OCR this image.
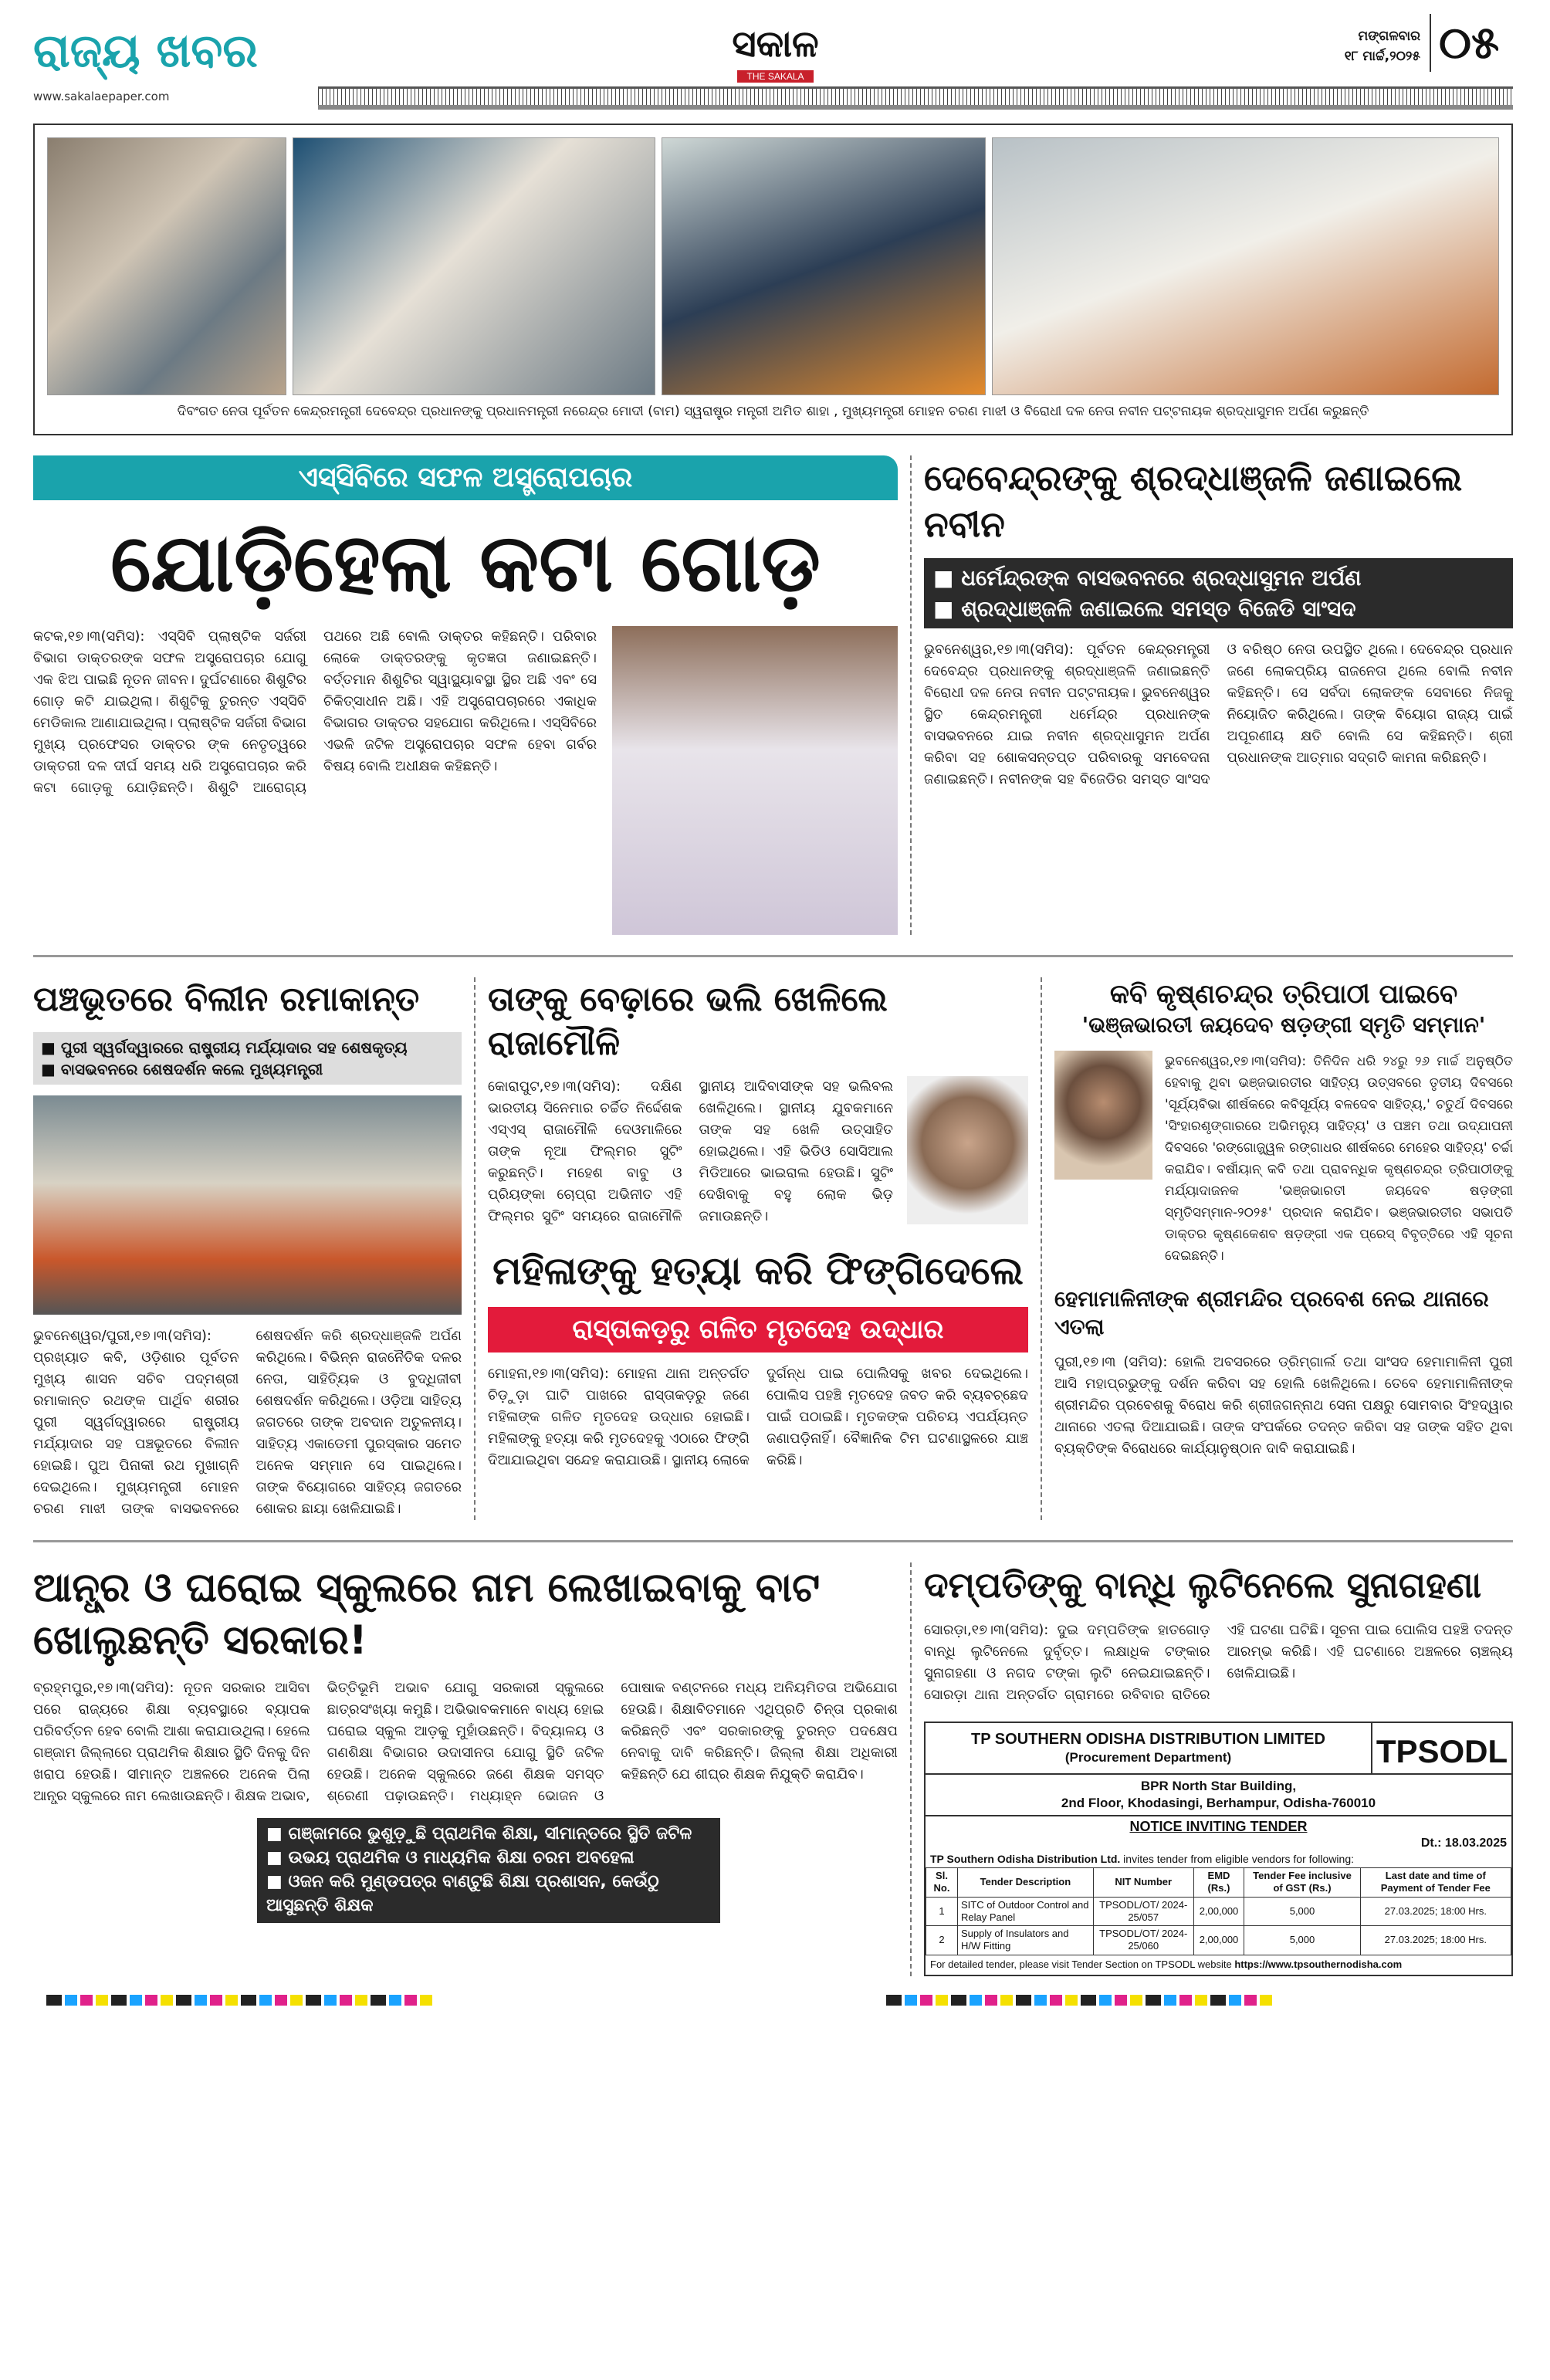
ରାଜ୍ୟ ଖବର
www.sakalaepaper.com
ସକାଳ
THE SAKALA
ମଙ୍ଗଳବାର
୧୮ ମାର୍ଚ୍ଚ,୨୦୨୫ ୦୫
ଦିବଂଗତ ନେତା ପୂର୍ବତନ କେନ୍ଦ୍ରମନ୍ତ୍ରୀ ଦେବେନ୍ଦ୍ର ପ୍ରଧାନଙ୍କୁ ପ୍ରଧାନମନ୍ତ୍ରୀ ନରେନ୍ଦ୍ର ମୋଦୀ (ବାମ) ସ୍ୱରାଷ୍ଟ୍ର ମନ୍ତ୍ରୀ ଅମିତ ଶାହା , ମୁଖ୍ୟମନ୍ତ୍ରୀ ମୋହନ ଚରଣ ମାଝୀ ଓ ବିରୋଧୀ ଦଳ ନେତା ନବୀନ ପଟ୍ଟନାୟକ ଶ୍ରଦ୍ଧାସୁମନ ଅର୍ପଣ କରୁଛନ୍ତି
ଏସ୍‌ସିବିରେ ସଫଳ ଅସ୍ତ୍ରୋପଚାର
ଯୋଡ଼ିହେଲା କଟା ଗୋଡ଼
କଟକ,୧୭।୩(ସମିସ): ଏସ୍‌ସିବି ପ୍ଲାଷ୍ଟିକ ସର୍ଜରୀ ବିଭାଗ ଡାକ୍ତରଙ୍କ ସଫଳ ଅସ୍ତ୍ରୋପଚାର ଯୋଗୁ ଏକ ଝିଅ ପାଇଛି ନୂତନ ଜୀବନ। ଦୁର୍ଘଟଣାରେ ଶିଶୁଟିର ଗୋଡ଼ କଟି ଯାଇଥିଲା। ଶିଶୁଟିକୁ ତୁରନ୍ତ ଏସ୍‌ସିବି ମେଡିକାଲ ଆଣାଯାଇଥିଲା। ପ୍ଲାଷ୍ଟିକ ସର୍ଜରୀ ବିଭାଗ ମୁଖ୍ୟ ପ୍ରଫେସର ଡାକ୍ତର ଙ୍କ ନେତୃତ୍ୱରେ ଡାକ୍ତରୀ ଦଳ ଦୀର୍ଘ ସମୟ ଧରି ଅସ୍ତ୍ରୋପଚାର କରି କଟା ଗୋଡ଼କୁ ଯୋଡ଼ିଛନ୍ତି। ଶିଶୁଟି ଆରୋଗ୍ୟ ପଥରେ ଅଛି ବୋଲି ଡାକ୍ତର କହିଛନ୍ତି। ପରିବାର ଲୋକେ ଡାକ୍ତରଙ୍କୁ କୃତଜ୍ଞତା ଜଣାଇଛନ୍ତି। ବର୍ତ୍ତମାନ ଶିଶୁଟିର ସ୍ୱାସ୍ଥ୍ୟାବସ୍ଥା ସ୍ଥିର ଅଛି ଏବଂ ସେ ଚିକିତ୍ସାଧୀନ ଅଛି। ଏହି ଅସ୍ତ୍ରୋପଚାରରେ ଏକାଧିକ ବିଭାଗର ଡାକ୍ତର ସହଯୋଗ କରିଥିଲେ। ଏସ୍‌ସିବିରେ ଏଭଳି ଜଟିଳ ଅସ୍ତ୍ରୋପଚାର ସଫଳ ହେବା ଗର୍ବର ବିଷୟ ବୋଲି ଅଧୀକ୍ଷକ କହିଛନ୍ତି।
ଦେବେନ୍ଦ୍ରଙ୍କୁ ଶ୍ରଦ୍ଧାଞ୍ଜଳି ଜଣାଇଲେ ନବୀନ
■ ଧର୍ମେନ୍ଦ୍ରଙ୍କ ବାସଭବନରେ ଶ୍ରଦ୍ଧାସୁମନ ଅର୍ପଣ
■ ଶ୍ରଦ୍ଧାଞ୍ଜଳି ଜଣାଇଲେ ସମସ୍ତ ବିଜେଡି ସାଂସଦ
ଭୁବନେଶ୍ୱର,୧୭।୩(ସମିସ): ପୂର୍ବତନ କେନ୍ଦ୍ରମନ୍ତ୍ରୀ ଦେବେନ୍ଦ୍ର ପ୍ରଧାନଙ୍କୁ ଶ୍ରଦ୍ଧାଞ୍ଜଳି ଜଣାଇଛନ୍ତି ବିରୋଧୀ ଦଳ ନେତା ନବୀନ ପଟ୍ଟନାୟକ। ଭୁବନେଶ୍ୱର ସ୍ଥିତ କେନ୍ଦ୍ରମନ୍ତ୍ରୀ ଧର୍ମେନ୍ଦ୍ର ପ୍ରଧାନଙ୍କ ବାସଭବନରେ ଯାଇ ନବୀନ ଶ୍ରଦ୍ଧାସୁମନ ଅର୍ପଣ କରିବା ସହ ଶୋକସନ୍ତପ୍ତ ପରିବାରକୁ ସମବେଦନା ଜଣାଇଛନ୍ତି। ନବୀନଙ୍କ ସହ ବିଜେଡିର ସମସ୍ତ ସାଂସଦ ଓ ବରିଷ୍ଠ ନେତା ଉପସ୍ଥିତ ଥିଲେ। ଦେବେନ୍ଦ୍ର ପ୍ରଧାନ ଜଣେ ଲୋକପ୍ରିୟ ରାଜନେତା ଥିଲେ ବୋଲି ନବୀନ କହିଛନ୍ତି। ସେ ସର୍ବଦା ଲୋକଙ୍କ ସେବାରେ ନିଜକୁ ନିୟୋଜିତ କରିଥିଲେ। ତାଙ୍କ ବିୟୋଗ ରାଜ୍ୟ ପାଇଁ ଅପୂରଣୀୟ କ୍ଷତି ବୋଲି ସେ କହିଛନ୍ତି। ଶ୍ରୀ ପ୍ରଧାନଙ୍କ ଆତ୍ମାର ସଦ୍‌ଗତି କାମନା କରିଛନ୍ତି।
ପଞ୍ଚଭୂତରେ ବିଲୀନ ରମାକାନ୍ତ
■ ପୁରୀ ସ୍ୱର୍ଗଦ୍ୱାରରେ ରାଷ୍ଟ୍ରୀୟ ମର୍ଯ୍ୟାଦାର ସହ ଶେଷକୃତ୍ୟ
■ ବାସଭବନରେ ଶେଷଦର୍ଶନ କଲେ ମୁଖ୍ୟମନ୍ତ୍ରୀ
ଭୁବନେଶ୍ୱର/ପୁରୀ,୧୭।୩(ସମିସ): ପ୍ରଖ୍ୟାତ କବି, ଓଡ଼ିଶାର ପୂର୍ବତନ ମୁଖ୍ୟ ଶାସନ ସଚିବ ପଦ୍ମଶ୍ରୀ ରମାକାନ୍ତ ରଥଙ୍କ ପାର୍ଥିବ ଶରୀର ପୁରୀ ସ୍ୱର୍ଗଦ୍ୱାରରେ ରାଷ୍ଟ୍ରୀୟ ମର୍ଯ୍ୟାଦାର ସହ ପଞ୍ଚଭୂତରେ ବିଲୀନ ହୋଇଛି। ପୁଅ ପିନାକୀ ରଥ ମୁଖାଗ୍ନି ଦେଇଥିଲେ। ମୁଖ୍ୟମନ୍ତ୍ରୀ ମୋହନ ଚରଣ ମାଝୀ ତାଙ୍କ ବାସଭବନରେ ଶେଷଦର୍ଶନ କରି ଶ୍ରଦ୍ଧାଞ୍ଜଳି ଅର୍ପଣ କରିଥିଲେ। ବିଭିନ୍ନ ରାଜନୈତିକ ଦଳର ନେତା, ସାହିତ୍ୟିକ ଓ ବୁଦ୍ଧିଜୀବୀ ଶେଷଦର୍ଶନ କରିଥିଲେ। ଓଡ଼ିଆ ସାହିତ୍ୟ ଜଗତରେ ତାଙ୍କ ଅବଦାନ ଅତୁଳନୀୟ। ସାହିତ୍ୟ ଏକାଡେମୀ ପୁରସ୍କାର ସମେତ ଅନେକ ସମ୍ମାନ ସେ ପାଇଥିଲେ। ତାଙ୍କ ବିୟୋଗରେ ସାହିତ୍ୟ ଜଗତରେ ଶୋକର ଛାୟା ଖେଳିଯାଇଛି।
ତାଙ୍କୁ ବେଢ଼ାରେ ଭଲି ଖେଳିଲେ ରାଜାମୌଳି
କୋରାପୁଟ,୧୭।୩(ସମିସ): ଦକ୍ଷିଣ ଭାରତୀୟ ସିନେମାର ଚର୍ଚ୍ଚିତ ନିର୍ଦ୍ଦେଶକ ଏସ୍‌ଏସ୍ ରାଜାମୌଳି ଦେଓମାଳିରେ ତାଙ୍କ ନୂଆ ଫିଲ୍ମର ସୁଟିଂ କରୁଛନ୍ତି। ମହେଶ ବାବୁ ଓ ପ୍ରିୟଙ୍କା ଚୋପ୍ରା ଅଭିନୀତ ଏହି ଫିଲ୍ମର ସୁଟିଂ ସମୟରେ ରାଜାମୌଳି ସ୍ଥାନୀୟ ଆଦିବାସୀଙ୍କ ସହ ଭଲିବଲ ଖେଳିଥିଲେ। ସ୍ଥାନୀୟ ଯୁବକମାନେ ତାଙ୍କ ସହ ଖେଳି ଉତ୍ସାହିତ ହୋଇଥିଲେ। ଏହି ଭିଡିଓ ସୋସିଆଲ ମିଡିଆରେ ଭାଇରାଲ ହେଉଛି। ସୁଟିଂ ଦେଖିବାକୁ ବହୁ ଲୋକ ଭିଡ଼ ଜମାଉଛନ୍ତି।
ମହିଳାଙ୍କୁ ହତ୍ୟା କରି ଫିଙ୍ଗିଦେଲେ
ରାସ୍ତାକଡ଼ରୁ ଗଳିତ ମୃତଦେହ ଉଦ୍ଧାର
ମୋହନା,୧୭।୩(ସମିସ): ମୋହନା ଥାନା ଅନ୍ତର୍ଗତ ଚିଡ଼ୁଡ଼ା ଘାଟି ପାଖରେ ରାସ୍ତାକଡ଼ରୁ ଜଣେ ମହିଳାଙ୍କ ଗଳିତ ମୃତଦେହ ଉଦ୍ଧାର ହୋଇଛି। ମହିଳାଙ୍କୁ ହତ୍ୟା କରି ମୃତଦେହକୁ ଏଠାରେ ଫିଙ୍ଗି ଦିଆଯାଇଥିବା ସନ୍ଦେହ କରାଯାଉଛି। ସ୍ଥାନୀୟ ଲୋକେ ଦୁର୍ଗନ୍ଧ ପାଇ ପୋଲିସକୁ ଖବର ଦେଇଥିଲେ। ପୋଲିସ ପହଞ୍ଚି ମୃତଦେହ ଜବତ କରି ବ୍ୟବଚ୍ଛେଦ ପାଇଁ ପଠାଇଛି। ମୃତକଙ୍କ ପରିଚୟ ଏପର୍ଯ୍ୟନ୍ତ ଜଣାପଡ଼ିନାହିଁ। ବୈଜ୍ଞାନିକ ଟିମ ଘଟଣାସ୍ଥଳରେ ଯାଞ୍ଚ କରିଛି।
କବି କୃଷ୍ଣଚନ୍ଦ୍ର ତ୍ରିପାଠୀ ପାଇବେ
'ଭଞ୍ଜଭାରତୀ ଜୟଦେବ ଷଡ଼ଙ୍ଗୀ ସ୍ମୃତି ସମ୍ମାନ'
ଭୁବନେଶ୍ୱର,୧୭।୩(ସମିସ): ତିନିଦିନ ଧରି ୨୪ରୁ ୨୬ ମାର୍ଚ୍ଚ ଅନୁଷ୍ଠିତ ହେବାକୁ ଥିବା ଭଞ୍ଜଭାରତୀର ସାହିତ୍ୟ ଉତ୍ସବରେ ତୃତୀୟ ଦିବସରେ 'ସୂର୍ଯ୍ୟବିଭା ଶୀର୍ଷକରେ କବିସୂର୍ଯ୍ୟ ବଳଦେବ ସାହିତ୍ୟ,' ଚତୁର୍ଥ ଦିବସରେ 'ସିଂହାରଶୃଙ୍ଗାରରେ ଅଭିମନ୍ୟୁ ସାହିତ୍ୟ' ଓ ପଞ୍ଚମ ତଥା ଉଦ୍‌ଯାପନୀ ଦିବସରେ 'ରଙ୍ଗୋଜ୍ଜ୍ୱଳ ରଙ୍ଗାଧର ଶୀର୍ଷକରେ ମେହେର ସାହିତ୍ୟ' ଚର୍ଚ୍ଚା କରାଯିବ। ବର୍ଷୀୟାନ୍ କବି ତଥା ପ୍ରାବନ୍ଧିକ କୃଷ୍ଣଚନ୍ଦ୍ର ତ୍ରିପାଠୀଙ୍କୁ ମର୍ଯ୍ୟାଦାଜନକ 'ଭଞ୍ଜଭାରତୀ ଜୟଦେବ ଷଡ଼ଙ୍ଗୀ ସ୍ମୃତିସମ୍ମାନ-୨୦୨୫' ପ୍ରଦାନ କରାଯିବ। ଭଞ୍ଜଭାରତୀର ସଭାପତି ଡାକ୍ତର କୃଷ୍ଣକେଶବ ଷଡ଼ଙ୍ଗୀ ଏକ ପ୍ରେସ୍ ବିବୃତ୍ତିରେ ଏହି ସୂଚନା ଦେଇଛନ୍ତି।
ହେମାମାଳିନୀଙ୍କ ଶ୍ରୀମନ୍ଦିର ପ୍ରବେଶ ନେଇ ଥାନାରେ ଏତଲା
ପୁରୀ,୧୭।୩ (ସମିସ): ହୋଲି ଅବସରରେ ଡ୍ରିମ୍‌ଗାର୍ଲ ତଥା ସାଂସଦ ହେମାମାଳିନୀ ପୁରୀ ଆସି ମହାପ୍ରଭୁଙ୍କୁ ଦର୍ଶନ କରିବା ସହ ହୋଲି ଖେଳିଥିଲେ। ତେବେ ହେମାମାଳିନୀଙ୍କ ଶ୍ରୀମନ୍ଦିର ପ୍ରବେଶକୁ ବିରୋଧ କରି ଶ୍ରୀଜଗନ୍ନାଥ ସେନା ପକ୍ଷରୁ ସୋମବାର ସିଂହଦ୍ୱାର ଥାନାରେ ଏତଲା ଦିଆଯାଇଛି। ତାଙ୍କ ସଂପର୍କରେ ତଦନ୍ତ କରିବା ସହ ତାଙ୍କ ସହିତ ଥିବା ବ୍ୟକ୍ତିଙ୍କ ବିରୋଧରେ କାର୍ଯ୍ୟାନୁଷ୍ଠାନ ଦାବି କରାଯାଇଛି।
ଆନ୍ଧ୍ର ଓ ଘରୋଇ ସ୍କୁଲରେ ନାମ ଲେଖାଇବାକୁ ବାଟ ଖୋଲୁଛନ୍ତି ସରକାର!
ବ୍ରହ୍ମପୁର,୧୭।୩(ସମିସ): ନୂତନ ସରକାର ଆସିବା ପରେ ରାଜ୍ୟରେ ଶିକ୍ଷା ବ୍ୟବସ୍ଥାରେ ବ୍ୟାପକ ପରିବର୍ତ୍ତନ ହେବ ବୋଲି ଆଶା କରାଯାଉଥିଲା। ହେଲେ ଗଞ୍ଜାମ ଜିଲ୍ଲାରେ ପ୍ରାଥମିକ ଶିକ୍ଷାର ସ୍ଥିତି ଦିନକୁ ଦିନ ଖରାପ ହେଉଛି। ସୀମାନ୍ତ ଅଞ୍ଚଳରେ ଅନେକ ପିଲା ଆନ୍ଧ୍ର ସ୍କୁଲରେ ନାମ ଲେଖାଉଛନ୍ତି। ଶିକ୍ଷକ ଅଭାବ, ଭିତ୍ତିଭୂମି ଅଭାବ ଯୋଗୁ ସରକାରୀ ସ୍କୁଲରେ ଛାତ୍ରସଂଖ୍ୟା କମୁଛି। ଅଭିଭାବକମାନେ ବାଧ୍ୟ ହୋଇ ଘରୋଇ ସ୍କୁଲ ଆଡ଼କୁ ମୁହାଁଉଛନ୍ତି। ବିଦ୍ୟାଳୟ ଓ ଗଣଶିକ୍ଷା ବିଭାଗର ଉଦାସୀନତା ଯୋଗୁ ସ୍ଥିତି ଜଟିଳ ହେଉଛି। ଅନେକ ସ୍କୁଲରେ ଜଣେ ଶିକ୍ଷକ ସମସ୍ତ ଶ୍ରେଣୀ ପଢ଼ାଉଛନ୍ତି। ମଧ୍ୟାହ୍ନ ଭୋଜନ ଓ ପୋଷାକ ବଣ୍ଟନରେ ମଧ୍ୟ ଅନିୟମିତତା ଅଭିଯୋଗ ହେଉଛି। ଶିକ୍ଷାବିତମାନେ ଏଥିପ୍ରତି ଚିନ୍ତା ପ୍ରକାଶ କରିଛନ୍ତି ଏବଂ ସରକାରଙ୍କୁ ତୁରନ୍ତ ପଦକ୍ଷେପ ନେବାକୁ ଦାବି କରିଛନ୍ତି। ଜିଲ୍ଲା ଶିକ୍ଷା ଅଧିକାରୀ କହିଛନ୍ତି ଯେ ଶୀଘ୍ର ଶିକ୍ଷକ ନିଯୁକ୍ତି କରାଯିବ।
■ ଗଞ୍ଜାମରେ ଭୁଶୁଡ଼ୁଛି ପ୍ରାଥମିକ ଶିକ୍ଷା, ସୀମାନ୍ତରେ ସ୍ଥିତି ଜଟିଳ
■ ଉଭୟ ପ୍ରାଥମିକ ଓ ମାଧ୍ୟମିକ ଶିକ୍ଷା ଚରମ ଅବହେଳା
■ ଓଜନ କରି ମୁଣ୍ଡପତ୍ର ବାଣ୍ଟୁଛି ଶିକ୍ଷା ପ୍ରଶାସନ, କେଉଁଠୁ ଆସୁଛନ୍ତି ଶିକ୍ଷକ
ଦମ୍ପତିଙ୍କୁ ବାନ୍ଧି ଲୁଟିନେଲେ ସୁନାଗହଣା
ସୋରଡ଼ା,୧୭।୩(ସମିସ): ଦୁଇ ଦମ୍ପତିଙ୍କ ହାତଗୋଡ଼ ବାନ୍ଧି ଲୁଟିନେଲେ ଦୁର୍ବୃତ୍ତ। ଲକ୍ଷାଧିକ ଟଙ୍କାର ସୁନାଗହଣା ଓ ନଗଦ ଟଙ୍କା ଲୁଟି ନେଇଯାଇଛନ୍ତି। ସୋରଡ଼ା ଥାନା ଅନ୍ତର୍ଗତ ଗ୍ରାମରେ ରବିବାର ରାତିରେ ଏହି ଘଟଣା ଘଟିଛି। ସୂଚନା ପାଇ ପୋଲିସ ପହଞ୍ଚି ତଦନ୍ତ ଆରମ୍ଭ କରିଛି। ଏହି ଘଟଣାରେ ଅଞ୍ଚଳରେ ଚାଞ୍ଚଲ୍ୟ ଖେଳିଯାଇଛି।
TP SOUTHERN ODISHA DISTRIBUTION LIMITED
(Procurement Department)	TPSODL
BPR North Star Building,
2nd Floor, Khodasingi, Berhampur, Odisha-760010
NOTICE INVITING TENDER
Dt.: 18.03.2025
TP Southern Odisha Distribution Ltd. invites tender from eligible vendors for following:
Sl. No.	Tender Description	NIT Number	EMD (Rs.)	Tender Fee inclusive of GST (Rs.)	Last date and time of Payment of Tender Fee
1	SITC of Outdoor Control and Relay Panel	TPSODL/OT/ 2024-25/057	2,00,000	5,000	27.03.2025; 18:00 Hrs.
2	Supply of Insulators and H/W Fitting	TPSODL/OT/ 2024-25/060	2,00,000	5,000	27.03.2025; 18:00 Hrs.
For detailed tender, please visit Tender Section on TPSODL website https://www.tpsouthernodisha.com
